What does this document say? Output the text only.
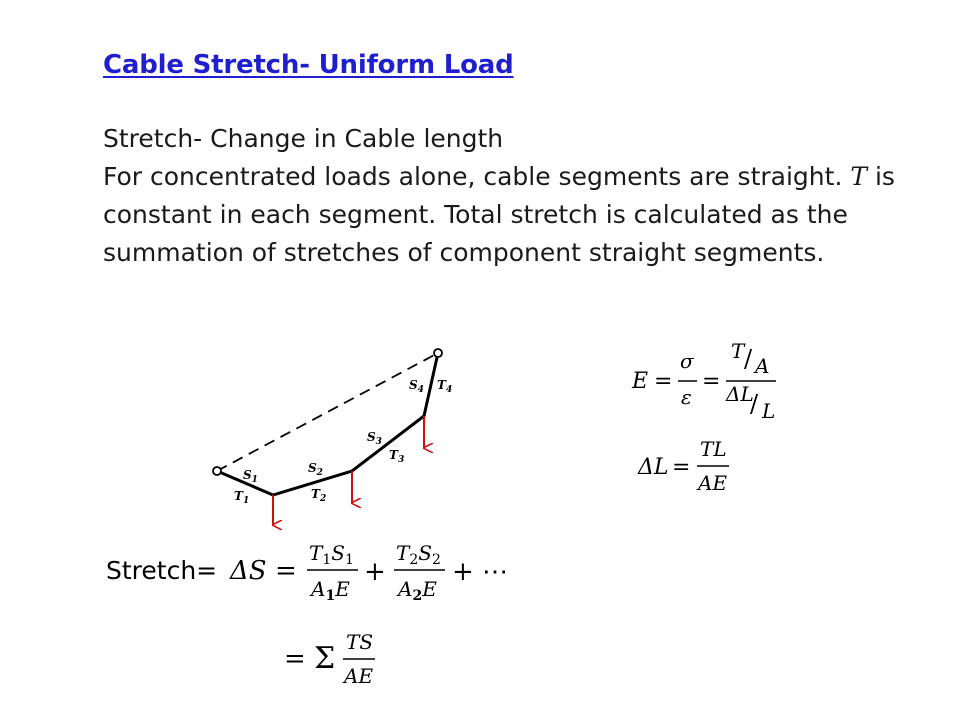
Cable Stretch- Uniform Load

Stretch- Change in Cable length

For concentrated loads alone, cable segments are straight. T is constant in each segment. Total stretch is calculated as the summation of stretches of component straight segments.

$S_1$
$T_1$
$S_2$
$T_2$
$S_3$
$T_3$
$S_4$ $T_4$	E =
σ
ε
=
T / A
ΔL
/ L
ΔL =
TL
AE
Stretch= ΔS =
$T_1S_1$
$A_1E$
+
$T_2S_2$
$A_2E$
+ ⋯
= Σ TS
AE
